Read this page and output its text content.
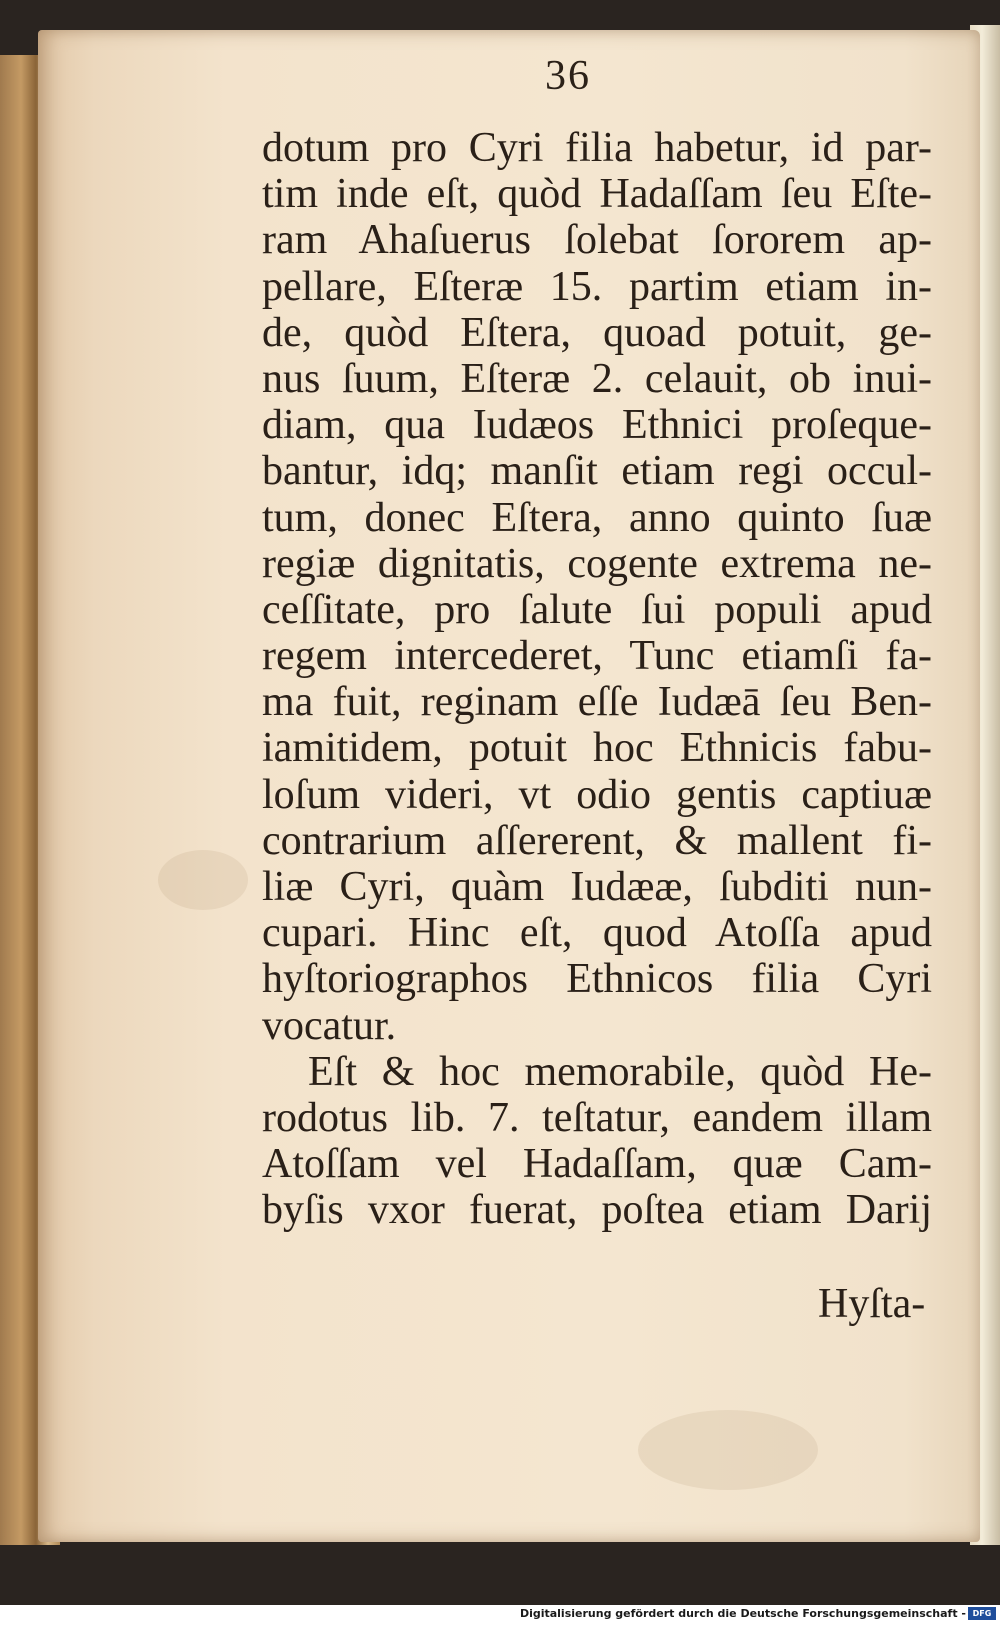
36
dotum pro Cyri filia habetur, id par-
tim inde eſt, quòd Hadaſſam ſeu Eſte-
ram Ahaſuerus ſolebat ſororem ap-
pellare, Eſteræ 15. partim etiam in-
de, quòd Eſtera, quoad potuit, ge-
nus ſuum, Eſteræ 2. celauit, ob inui-
diam, qua Iudæos Ethnici proſeque-
bantur, idq; manſit etiam regi occul-
tum, donec Eſtera, anno quinto ſuæ
regiæ dignitatis, cogente extrema ne-
ceſſitate, pro ſalute ſui populi apud
regem intercederet, Tunc etiamſi fa-
ma fuit, reginam eſſe Iudæā ſeu Ben-
iamitidem, potuit hoc Ethnicis fabu-
loſum videri, vt odio gentis captiuæ
contrarium aſſererent, & mallent fi-
liæ Cyri, quàm Iudææ, ſubditi nun-
cupari. Hinc eſt, quod Atoſſa apud
hyſtoriographos Ethnicos filia Cyri
vocatur.
Eſt & hoc memorabile, quòd He-
rodotus lib. 7. teſtatur, eandem illam
Atoſſam vel Hadaſſam, quæ Cam-
byſis vxor fuerat, poſtea etiam Darij
Hyſta-
Digitalisierung gefördert durch die Deutsche Forschungsgemeinschaft - DFG
